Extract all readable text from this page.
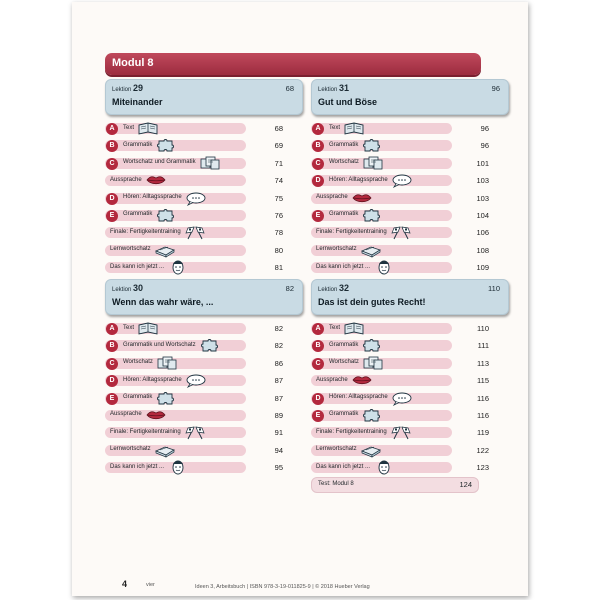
Modul 8
Lektion 29	68
Miteinander
A	Text	68
B	Grammatik	69
C	Wortschatz und Grammatik	71
Aussprache	74
D	Hören: Alltagssprache	75
E	Grammatik	76
Finale: Fertigkeitentraining	78
Lernwortschatz	80
Das kann ich jetzt ...	81
Lektion 31	96
Gut und Böse
A	Text	96
B	Grammatik	96
C	Wortschatz	101
D	Hören: Alltagssprache	103
Aussprache	103
E	Grammatik	104
Finale: Fertigkeitentraining	106
Lernwortschatz	108
Das kann ich jetzt ...	109
Lektion 30	82
Wenn das wahr wäre, ...
A	Text	82
B	Grammatik und Wortschatz	82
C	Wortschatz	86
D	Hören: Alltagssprache	87
E	Grammatik	87
Aussprache	89
Finale: Fertigkeitentraining	91
Lernwortschatz	94
Das kann ich jetzt ...	95
Lektion 32	110
Das ist dein gutes Recht!
A	Text	110
B	Grammatik	111
C	Wortschatz	113
Aussprache	115
D	Hören: Alltagssprache	116
E	Grammatik	116
Finale: Fertigkeitentraining	119
Lernwortschatz	122
Das kann ich jetzt ...	123
Test: Modul 8	124
4	vier	Ideen 3, Arbeitsbuch | ISBN 978-3-19-011825-9 | © 2018 Hueber Verlag
